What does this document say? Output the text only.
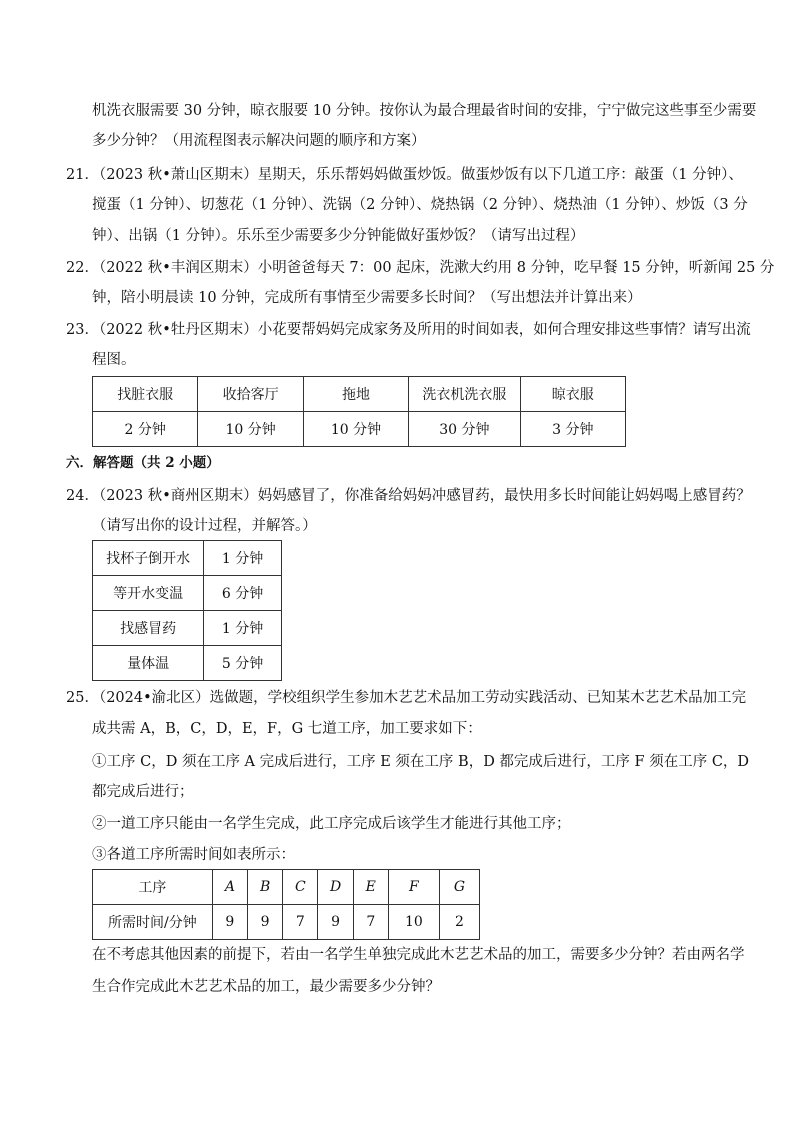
机洗衣服需要 30 分钟，晾衣服要 10 分钟。按你认为最合理最省时间的安排，宁宁做完这些事至少需要
多少分钟？（用流程图表示解决问题的顺序和方案）
21．（2023 秋•萧山区期末）星期天，乐乐帮妈妈做蛋炒饭。做蛋炒饭有以下几道工序：敲蛋（1 分钟）、
搅蛋（1 分钟）、切葱花（1 分钟）、洗锅（2 分钟）、烧热锅（2 分钟）、烧热油（1 分钟）、炒饭（3 分
钟）、出锅（1 分钟）。乐乐至少需要多少分钟能做好蛋炒饭？（请写出过程）
22．（2022 秋•丰润区期末）小明爸爸每天 7：00 起床，洗漱大约用 8 分钟，吃早餐 15 分钟，听新闻 25 分
钟，陪小明晨读 10 分钟，完成所有事情至少需要多长时间？（写出想法并计算出来）
23．（2022 秋•牡丹区期末）小花要帮妈妈完成家务及所用的时间如表，如何合理安排这些事情？请写出流
程图。
找脏衣服	收拾客厅	拖地	洗衣机洗衣服	晾衣服
2 分钟	10 分钟	10 分钟	30 分钟	3 分钟
六．解答题（共 2 小题）
24．（2023 秋•商州区期末）妈妈感冒了，你准备给妈妈冲感冒药，最快用多长时间能让妈妈喝上感冒药？
（请写出你的设计过程，并解答。）
找杯子倒开水	1 分钟
等开水变温	6 分钟
找感冒药	1 分钟
量体温	5 分钟
25．（2024•渝北区）选做题，学校组织学生参加木艺艺术品加工劳动实践活动、已知某木艺艺术品加工完
成共需 A，B，C，D，E，F，G 七道工序，加工要求如下：
①工序 C，D 须在工序 A 完成后进行，工序 E 须在工序 B，D 都完成后进行，工序 F 须在工序 C，D
都完成后进行；
②一道工序只能由一名学生完成，此工序完成后该学生才能进行其他工序；
③各道工序所需时间如表所示：
工序	A	B	C	D	E	F	G
所需时间/分钟	9	9	7	9	7	10	2
在不考虑其他因素的前提下，若由一名学生单独完成此木艺艺术品的加工，需要多少分钟？若由两名学
生合作完成此木艺艺术品的加工，最少需要多少分钟？
